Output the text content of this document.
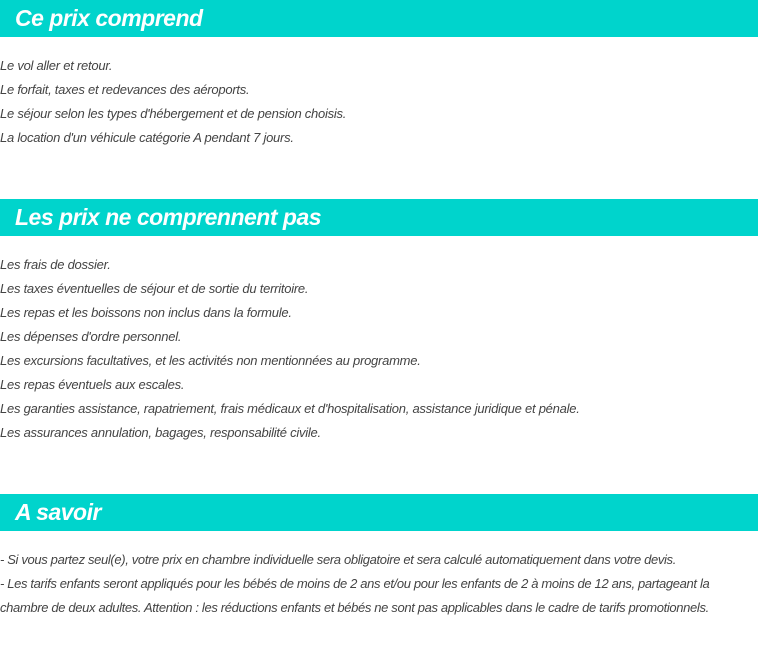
Ce prix comprend
Le vol aller et retour.
Le forfait, taxes et redevances des aéroports.
Le séjour selon les types d'hébergement et de pension choisis.
La location d'un véhicule catégorie A pendant 7 jours.
Les prix ne comprennent pas
Les frais de dossier.
Les taxes éventuelles de séjour et de sortie du territoire.
Les repas et les boissons non inclus dans la formule.
Les dépenses d'ordre personnel.
Les excursions facultatives, et les activités non mentionnées au programme.
Les repas éventuels aux escales.
Les garanties assistance, rapatriement, frais médicaux et d'hospitalisation, assistance juridique et pénale.
Les assurances annulation, bagages, responsabilité civile.
A savoir
- Si vous partez seul(e), votre prix en chambre individuelle sera obligatoire et sera calculé automatiquement dans votre devis.
- Les tarifs enfants seront appliqués pour les bébés de moins de 2 ans et/ou pour les enfants de 2 à moins de 12 ans, partageant la chambre de deux adultes. Attention : les réductions enfants et bébés ne sont pas applicables dans le cadre de tarifs promotionnels.
